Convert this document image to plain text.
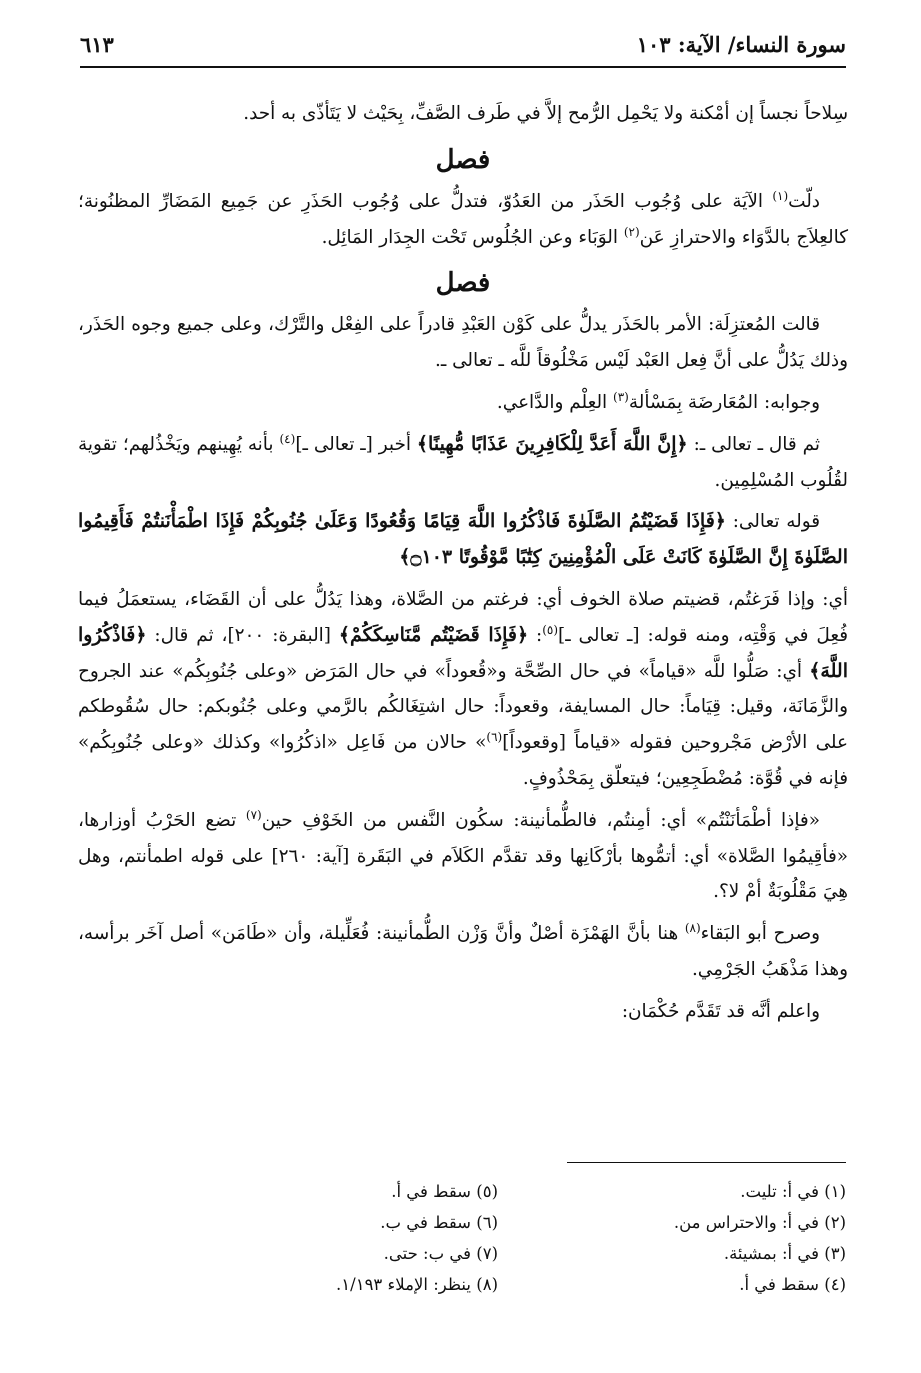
سورة النساء/ الآية: ١٠٣
٦١٣

سِلاحاً نجساً إن أمْكنة ولا يَحْمِل الرُّمح إلاَّ في طَرف الصَّفِّ، بِحَيْث لا يَتَأذّى به أحد.

فصل

دلّت$^{(١)}$ الآيَة على وُجُوب الحَذَر من العَدُوّ، فتدلُّ على وُجُوب الحَذَرِ عن جَمِيع المَضَارِّ المظنُونة؛ كالعِلاَج بالدَّوَاء والاحترازِ عَن$^{(٢)}$ الوَبَاء وعن الجُلُوس تَحْت الجِدَار المَائِل.

فصل

قالت المُعتزِلَة: الأمر بالحَذَر يدلُّ على كَوْن العَبْدِ قادراً على الفِعْل والتَّرْك، وعلى جميع وجوه الحَذَر، وذلك يَدُلُّ على أنَّ فِعل العَبْد لَيْس مَخْلُوقاً للَّه ـ تعالى ـ.

وجوابه: المُعَارضَة بِمَسْألة$^{(٣)}$ العِلْم والدَّاعي.

ثم قال ـ تعالى ـ: ﴿إِنَّ اللَّهَ أَعَدَّ لِلْكَافِرِينَ عَذَابًا مُّهِينًا﴾ أخبر [ـ تعالى ـ]$^{(٤)}$ بأنه يُهِينهم ويَخْذُلهم؛ تقوية لقُلُوب المُسْلِمِين.

قوله تعالى: ﴿فَإِذَا قَضَيْتُمُ الصَّلَوٰةَ فَاذْكُرُوا اللَّهَ قِيَامًا وَقُعُودًا وَعَلَىٰ جُنُوبِكُمْ فَإِذَا اطْمَأْنَنتُمْ فَأَقِيمُوا الصَّلَوٰةَ إِنَّ الصَّلَوٰةَ كَانَتْ عَلَى الْمُؤْمِنِينَ كِتَٰبًا مَّوْقُوتًا ۝١٠٣﴾

أي: وإذا فَرَغتُم، قضيتم صلاة الخوف أي: فرغتم من الصَّلاة، وهذا يَدُلُّ على أن القَضَاء، يستعمَلُ فيما فُعِلَ في وَقْتِه، ومنه قوله: [ـ تعالى ـ]$^{(٥)}$: ﴿فَإِذَا قَضَيْتُم مَّنَاسِكَكُمْ﴾ [البقرة: ٢٠٠]، ثم قال: ﴿فَاذْكُرُوا اللَّهَ﴾ أي: صَلُّوا للَّه «قياماً» في حال الصِّحَّة و«قُعوداً» في حال المَرَض «وعلى جُنُوبِكُم» عند الجروح والزَّمَانَة، وقيل: قِيَاماً: حال المسايفة، وقعوداً: حال اشتِغَالكُم بالرَّمي وعلى جُنُوبكم: حال سُقُوطكم على الأرْض مَجْروحين فقوله «قياماً [وقعوداً]$^{(٦)}$» حالان من فَاعِل «اذكُرُوا» وكذلك «وعلى جُنُوبِكُم» فإنه في قُوَّة: مُضْطَجِعِين؛ فيتعلّق بِمَحْذُوفٍ.

«فإذا أطْمَأنَنْتُم» أي: أمِنتُم، فالطُّمأنينة: سكُون النَّفس من الخَوْفِ حين$^{(٧)}$ تضع الحَرْبُ أوزارها، «فأقِيمُوا الصَّلاة» أي: أتمُّوها بأرْكَانِها وقد تقدَّم الكَلاَم في البَقَرة [آية: ٢٦٠] على قوله اطمأنتم، وهل هِيَ مَقْلُوبَةٌ أمْ لا؟.

وصرح أبو البَقاء$^{(٨)}$ هنا بأنَّ الهَمْزَة أصْلٌ وأنَّ وَزْن الطُّمأنينة: فُعَلِّيلة، وأن «طَامَن» أصل آخَر برأسه، وهذا مَذْهَبُ الجَرْمِي.

واعلم أنَّه قد تَقَدَّم حُكْمَان:

(١) في أ: تليت.
(٢) في أ: والاحتراس من.
(٣) في أ: بمشيئة.
(٤) سقط في أ.
(٥) سقط في أ.
(٦) سقط في ب.
(٧) في ب: حتى.
(٨) ينظر: الإملاء ١/١٩٣.
